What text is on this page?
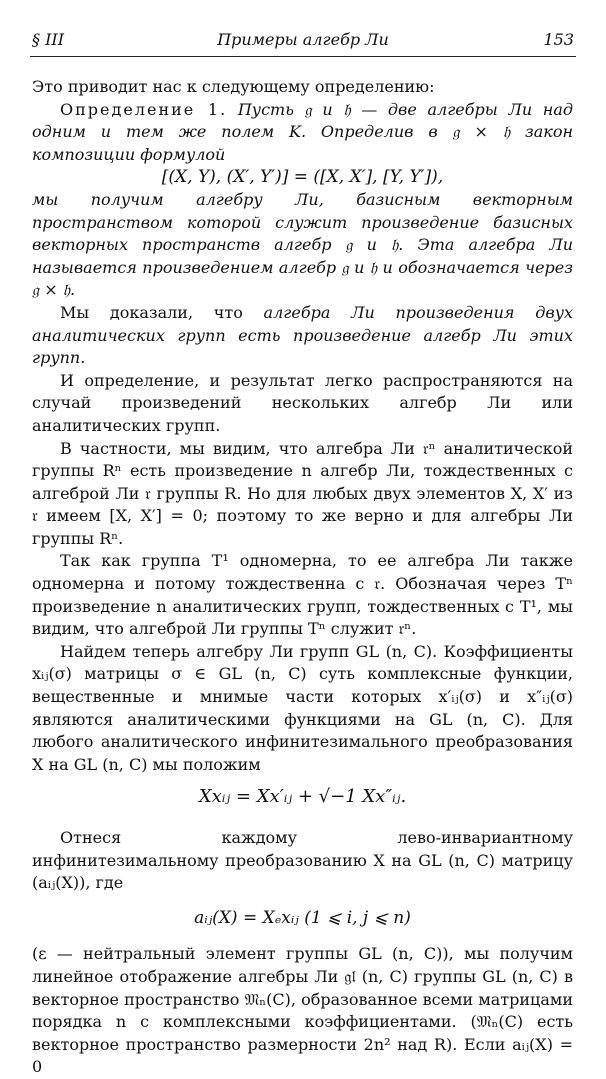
§ III	Примеры алгебр Ли	153

Это приводит нас к следующему определению:

Определение 1. Пусть 𝔤 и 𝔥 — две алгебры Ли над одним и тем же полем K. Определив в 𝔤 × 𝔥 закон композиции формулой

[(X, Y), (X′, Y′)] = ([X, X′], [Y, Y′]),

мы получим алгебру Ли, базисным векторным пространством которой служит произведение базисных векторных пространств алгебр 𝔤 и 𝔥. Эта алгебра Ли называется произведением алгебр 𝔤 и 𝔥 и обозначается через 𝔤 × 𝔥.

Мы доказали, что алгебра Ли произведения двух аналитических групп есть произведение алгебр Ли этих групп.

И определение, и результат легко распространяются на случай произведений нескольких алгебр Ли или аналитических групп.

В частности, мы видим, что алгебра Ли 𝔯ⁿ аналитической группы Rⁿ есть произведение n алгебр Ли, тождественных с алгеброй Ли 𝔯 группы R. Но для любых двух элементов X, X′ из 𝔯 имеем [X, X′] = 0; поэтому то же верно и для алгебры Ли группы Rⁿ.

Так как группа T¹ одномерна, то ее алгебра Ли также одномерна и потому тождественна с 𝔯. Обозначая через Tⁿ произведение n аналитических групп, тождественных с T¹, мы видим, что алгеброй Ли группы Tⁿ служит 𝔯ⁿ.

Найдем теперь алгебру Ли групп GL (n, C). Коэффициенты xᵢⱼ(σ) матрицы σ ∈ GL (n, C) суть комплексные функции, вещественные и мнимые части которых x′ᵢⱼ(σ) и x″ᵢⱼ(σ) являются аналитическими функциями на GL (n, C). Для любого аналитического инфинитезимального преобразования X на GL (n, C) мы положим

Xxᵢⱼ = Xx′ᵢⱼ + √−1 Xx″ᵢⱼ.

Отнеся каждому лево-инвариантному инфинитезимальному преобразованию X на GL (n, C) матрицу (aᵢⱼ(X)), где

aᵢⱼ(X) = Xₑxᵢⱼ (1 ⩽ i, j ⩽ n)

(ε — нейтральный элемент группы GL (n, C)), мы получим линейное отображение алгебры Ли 𝔤𝔩 (n, C) группы GL (n, C) в векторное пространство 𝔐ₙ(C), образованное всеми матрицами порядка n с комплексными коэффициентами. (𝔐ₙ(C) есть векторное пространство размерности 2n² над R). Если aᵢⱼ(X) = 0
